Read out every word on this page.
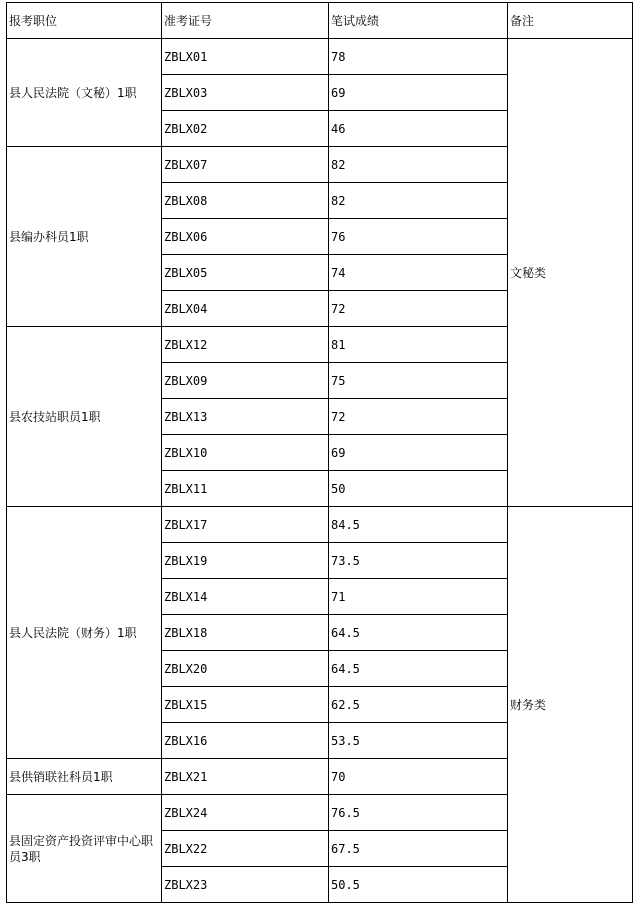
报考职位	准考证号	笔试成绩	备注
县人民法院（文秘）1职	ZBLX01	78	文秘类
	ZBLX03	69	
	ZBLX02	46	
县编办科员1职	ZBLX07	82	
	ZBLX08	82	
	ZBLX06	76	
	ZBLX05	74	
	ZBLX04	72	
县农技站职员1职	ZBLX12	81	
	ZBLX09	75	
	ZBLX13	72	
	ZBLX10	69	
	ZBLX11	50	
县人民法院（财务）1职	ZBLX17	84.5	财务类
	ZBLX19	73.5	
	ZBLX14	71	
	ZBLX18	64.5	
	ZBLX20	64.5	
	ZBLX15	62.5	
	ZBLX16	53.5	
县供销联社科员1职	ZBLX21	70	
县固定资产投资评审中心职员3职	ZBLX24	76.5	
	ZBLX22	67.5	
	ZBLX23	50.5	
